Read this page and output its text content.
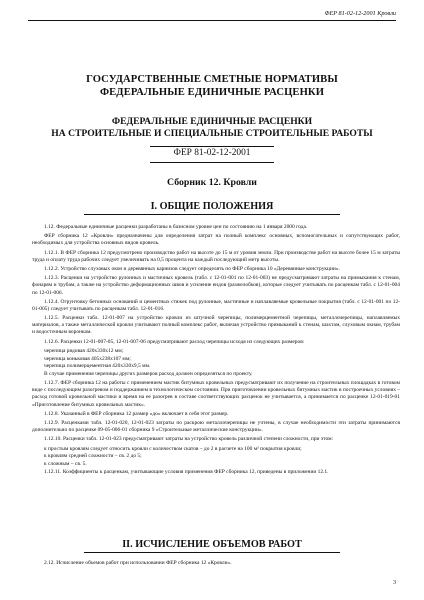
ФЕР 81-02-12-2001 Кровли
ГОСУДАРСТВЕННЫЕ СМЕТНЫЕ НОРМАТИВЫ
ФЕДЕРАЛЬНЫЕ ЕДИНИЧНЫЕ РАСЦЕНКИ
ФЕДЕРАЛЬНЫЕ ЕДИНИЧНЫЕ РАСЦЕНКИ
НА СТРОИТЕЛЬНЫЕ И СПЕЦИАЛЬНЫЕ СТРОИТЕЛЬНЫЕ РАБОТЫ
ФЕР 81-02-12-2001
Сборник 12. Кровли
I. ОБЩИЕ ПОЛОЖЕНИЯ

1.12. Федеральные единичные расценки разработаны в базисном уровне цен по состоянию на 1 января 2000 года.

ФЕР сборника 12 «Кровли» предназначены для определения затрат на полный комплекс основных, вспомогательных и сопутствующих работ, необходимых для устройства основных видов кровель.

1.12.1. В ФЕР сборника 12 предусмотрено производство работ на высоте до 15 м от уровня земли. При производстве работ на высоте более 15 м затраты труда и оплату труда рабочих следует увеличивать на 0,5 процента на каждый последующий метр высоты.

1.12.2. Устройство слуховых окон и деревянных карнизов следует определять по ФЕР сборника 10 «Деревянные конструкции».

1.12.3. Расценки на устройство рулонных и мастичных кровель (табл. с 12-01-001 по 12-01-003) не предусматривают затраты на примыкания к стенам, фонарям и трубам, а также на устройство деформационных швов и усиление ендов (разжелобков), которые следует учитывать по расценкам табл. с 12-01-004 по 12-01-006.

1.12.4. Огрунтовку бетонных оснований и цементных стяжек под рулонные, мастичные и наплавляемые кровельные покрытия (табл. с 12-01-001 по 12-01-005) следует учитывать по расценкам табл. 12-01-016.

1.12.5. Расценки табл. 12-01-007 на устройство кровли из штучной черепицы, полимерцементной черепицы, металлочерепицы, наплавляемых материалов, а также металлической кровли учитывают полный комплекс работ, включая устройство примыканий к стенам, шахтам, слуховым окнам, трубам и водосточным воронкам.

1.12.6. Расценки 12-01-007-05, 12-01-007-06 предусматривают расход черепицы исходя из следующих размеров:

черепица рядовая 420х330х12 мм;

черепица коньковая 405х238х107 мм;

черепица полимерцементная 420х330х9,5 мм.

В случае применения черепицы других размеров расход должен определяться по проекту.

1.12.7. ФЕР сборника 12 на работы с применением мастик битумных кровельных предусматривают их получение на строительных площадках в готовом виде с последующим разогревом и поддержанием в технологическом состоянии. При приготовлении кровельных битумных мастик в построечных условиях – расход готовой кровельной мастики и время на ее разогрев в составе соответствующих расценок не учитывается, а принимается по расценке 12-01-019-01 «Приготовление битумных кровельных мастик».

1.12.8. Указанный в ФЕР сборника 12 размер «до» включает в себя этот размер.

1.12.9. Расценками табл. 12-01-020, 12-01-023 затраты по раскрою металлочерепицы не учтены, в случае необходимости эти затраты принимаются дополнительно по расценке 09-05-006-01 сборника 9 «Строительные металлические конструкции».

1.12.10. Расценки табл. 12-01-023 предусматривают затраты на устройство кровель различной степени сложности, при этом:

к простым кровлям следует относить кровли с количеством скатов – до 2 в расчете на 100 м² покрытия кровли;

к кровлям средней сложности – св. 2 до 5;

к сложным – св. 5.

1.12.11. Коэффициенты к расценкам, учитывающие условия применения ФЕР сборника 12, приведены в приложении 12.1.

II. ИСЧИСЛЕНИЕ ОБЪЕМОВ РАБОТ
2.12. Исчисление объемов работ при использовании ФЕР сборника 12 «Кровли».
3
